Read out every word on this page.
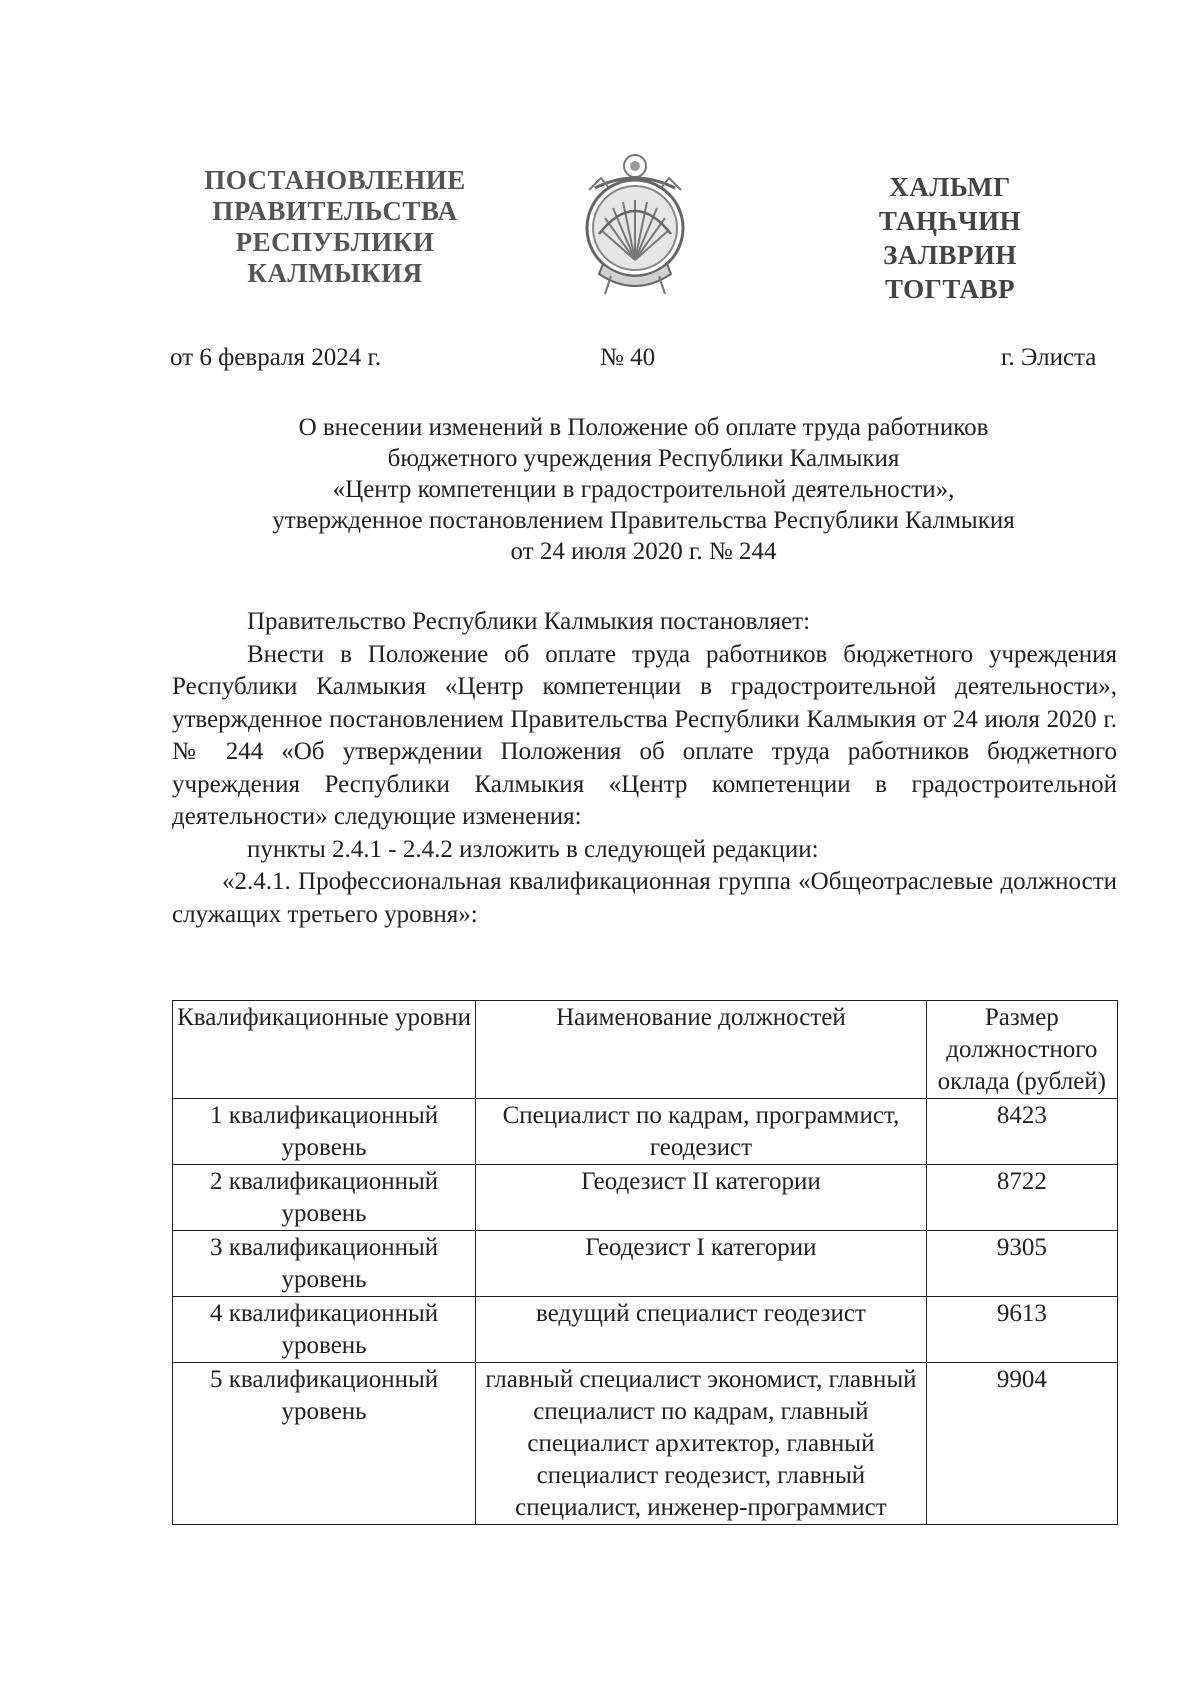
ПОСТАНОВЛЕНИЕ
ПРАВИТЕЛЬСТВА
РЕСПУБЛИКИ
КАЛМЫКИЯ
ХАЛЬМГ
ТАҢҺЧИН
ЗАЛВРИН
ТОГТАВР
от 6 февраля 2024 г.	№ 40	г. Элиста
О внесении изменений в Положение об оплате труда работников
бюджетного учреждения Республики Калмыкия
«Центр компетенции в градостроительной деятельности»,
утвержденное постановлением Правительства Республики Калмыкия
от 24 июля 2020 г. № 244
Правительство Республики Калмыкия постановляет:

Внести в Положение об оплате труда работников бюджетного учреждения Республики Калмыкия «Центр компетенции в градостроительной деятельности», утвержденное постановлением Правительства Республики Калмыкия от 24 июля 2020 г. № 244 «Об утверждении Положения об оплате труда работников бюджетного учреждения Республики Калмыкия «Центр компетенции в градостроительной деятельности» следующие изменения:

пункты 2.4.1 - 2.4.2 изложить в следующей редакции:

«2.4.1. Профессиональная квалификационная группа «Общеотраслевые должности служащих третьего уровня»:

Квалификационные уровни	Наименование должностей	Размер должностного оклада (рублей)
1 квалификационный уровень	Специалист по кадрам, программист, геодезист	8423
2 квалификационный уровень	Геодезист II категории	8722
3 квалификационный уровень	Геодезист I категории	9305
4 квалификационный уровень	ведущий специалист геодезист	9613
5 квалификационный уровень	главный специалист экономист, главный специалист по кадрам, главный специалист архитектор, главный специалист геодезист, главный специалист, инженер-программист	9904
